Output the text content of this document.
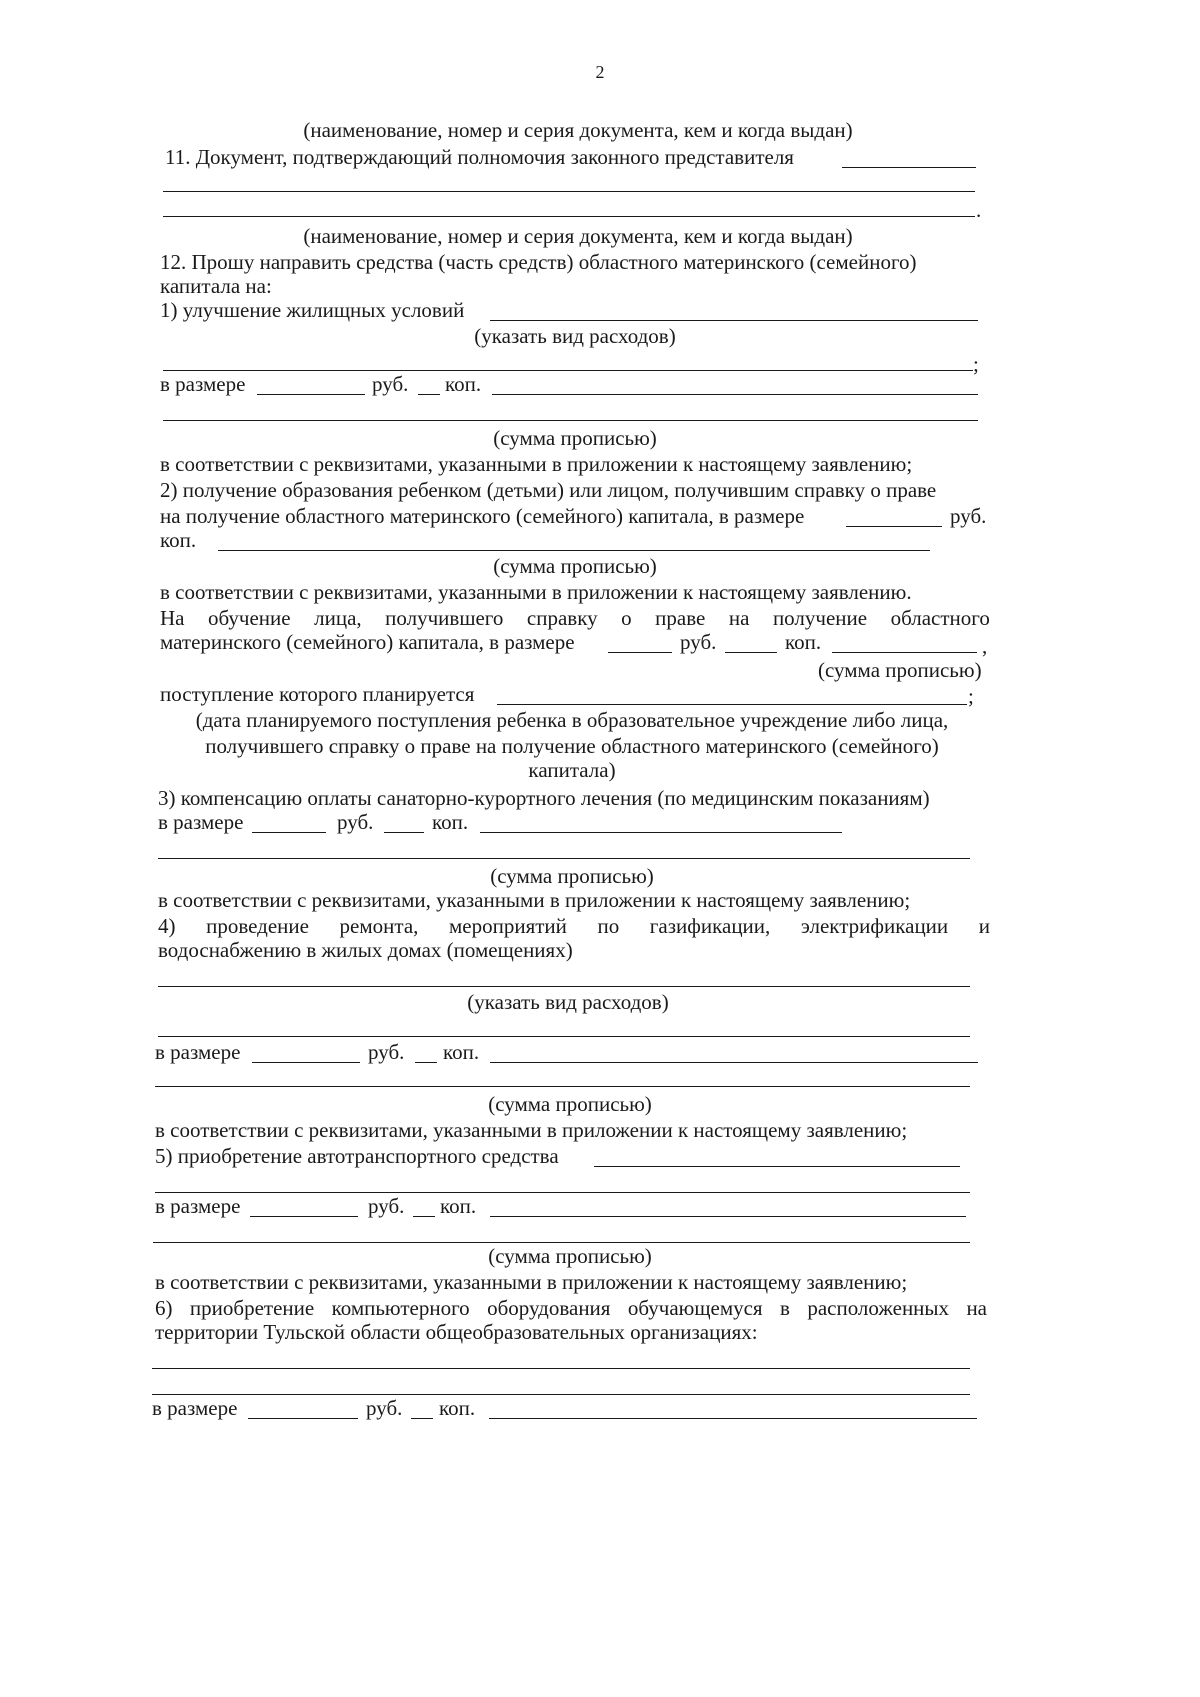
2
(наименование, номер и серия документа, кем и когда выдан)
11. Документ, подтверждающий полномочия законного представителя
.
(наименование, номер и серия документа, кем и когда выдан)
12. Прошу направить средства (часть средств) областного материнского (семейного)
капитала на:
1) улучшение жилищных условий
(указать вид расходов)
;
в размере	руб. коп.
(сумма прописью)
в соответствии с реквизитами, указанными в приложении к настоящему заявлению;
2) получение образования ребенком (детьми) или лицом, получившим справку о праве
на получение областного материнского (семейного) капитала, в размере	руб.
коп.
(сумма прописью)
в соответствии с реквизитами, указанными в приложении к настоящему заявлению.
На обучение лица, получившего справку о праве на получение областного
материнского (семейного) капитала, в размере	руб.	коп.	,
(сумма прописью)
поступление которого планируется	;
(дата планируемого поступления ребенка в образовательное учреждение либо лица,
получившего справку о праве на получение областного материнского (семейного)
капитала)
3) компенсацию оплаты санаторно-курортного лечения (по медицинским показаниям)
в размере	руб.	коп.
(сумма прописью)
в соответствии с реквизитами, указанными в приложении к настоящему заявлению;
4) проведение ремонта, мероприятий по газификации, электрификации и
водоснабжению в жилых домах (помещениях)
(указать вид расходов)
в размере	руб. коп.
(сумма прописью)
в соответствии с реквизитами, указанными в приложении к настоящему заявлению;
5) приобретение автотранспортного средства
в размере	руб. коп.
(сумма прописью)
в соответствии с реквизитами, указанными в приложении к настоящему заявлению;
6) приобретение компьютерного оборудования обучающемуся в расположенных на
территории Тульской области общеобразовательных организациях:
в размере	руб. коп.
